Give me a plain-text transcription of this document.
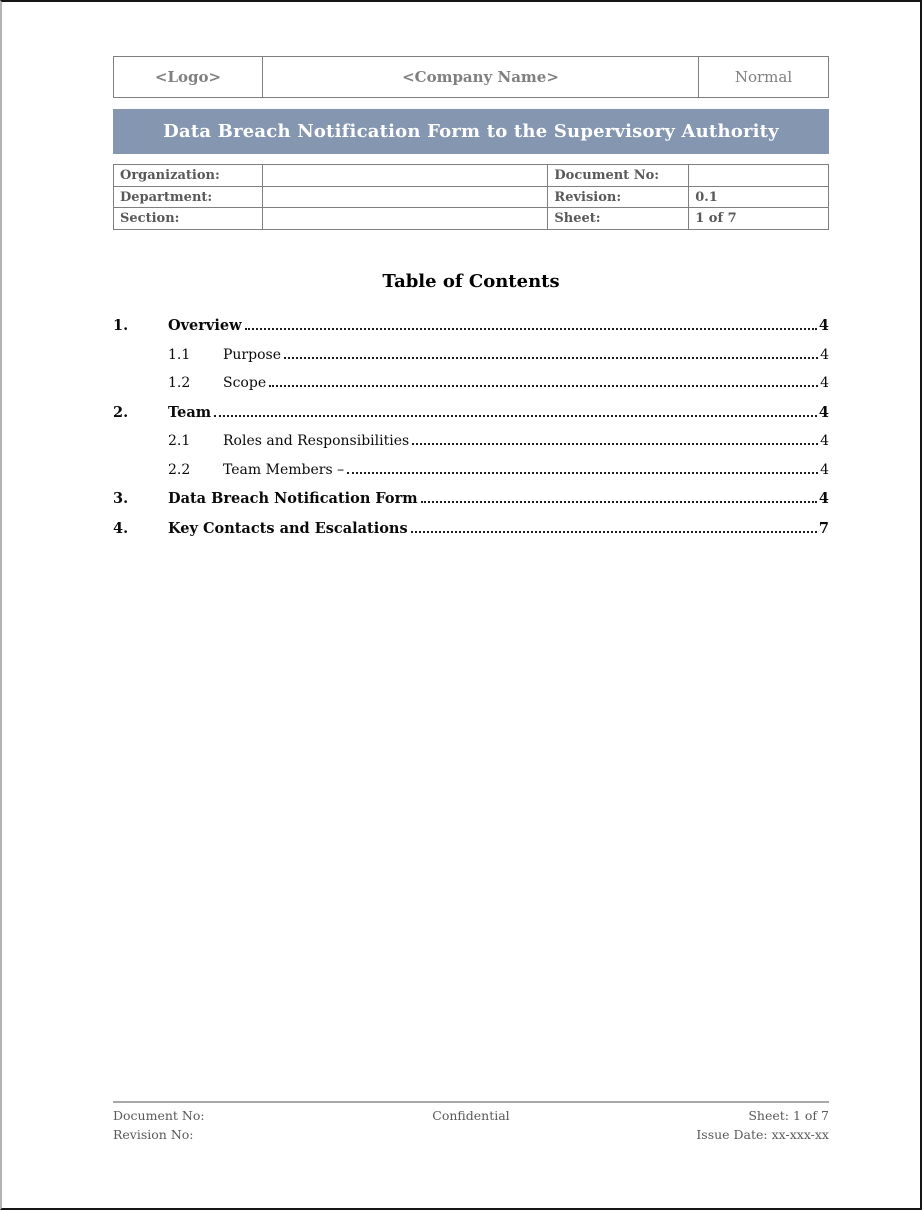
<Logo>	<Company Name>	Normal
Data Breach Notification Form to the Supervisory Authority
Organization:	Document No:
Department:	Revision:	0.1
Section:	Sheet:	1 of 7
Table of Contents
1.	Overview	4
1.1	Purpose	4
1.2	Scope	4
2.	Team	4
2.1	Roles and Responsibilities	4
2.2	Team Members –	4
3.	Data Breach Notification Form	4
4.	Key Contacts and Escalations	7
Document No:
Revision No:
Confidential	Sheet: 1 of 7
Issue Date: xx-xxx-xx
